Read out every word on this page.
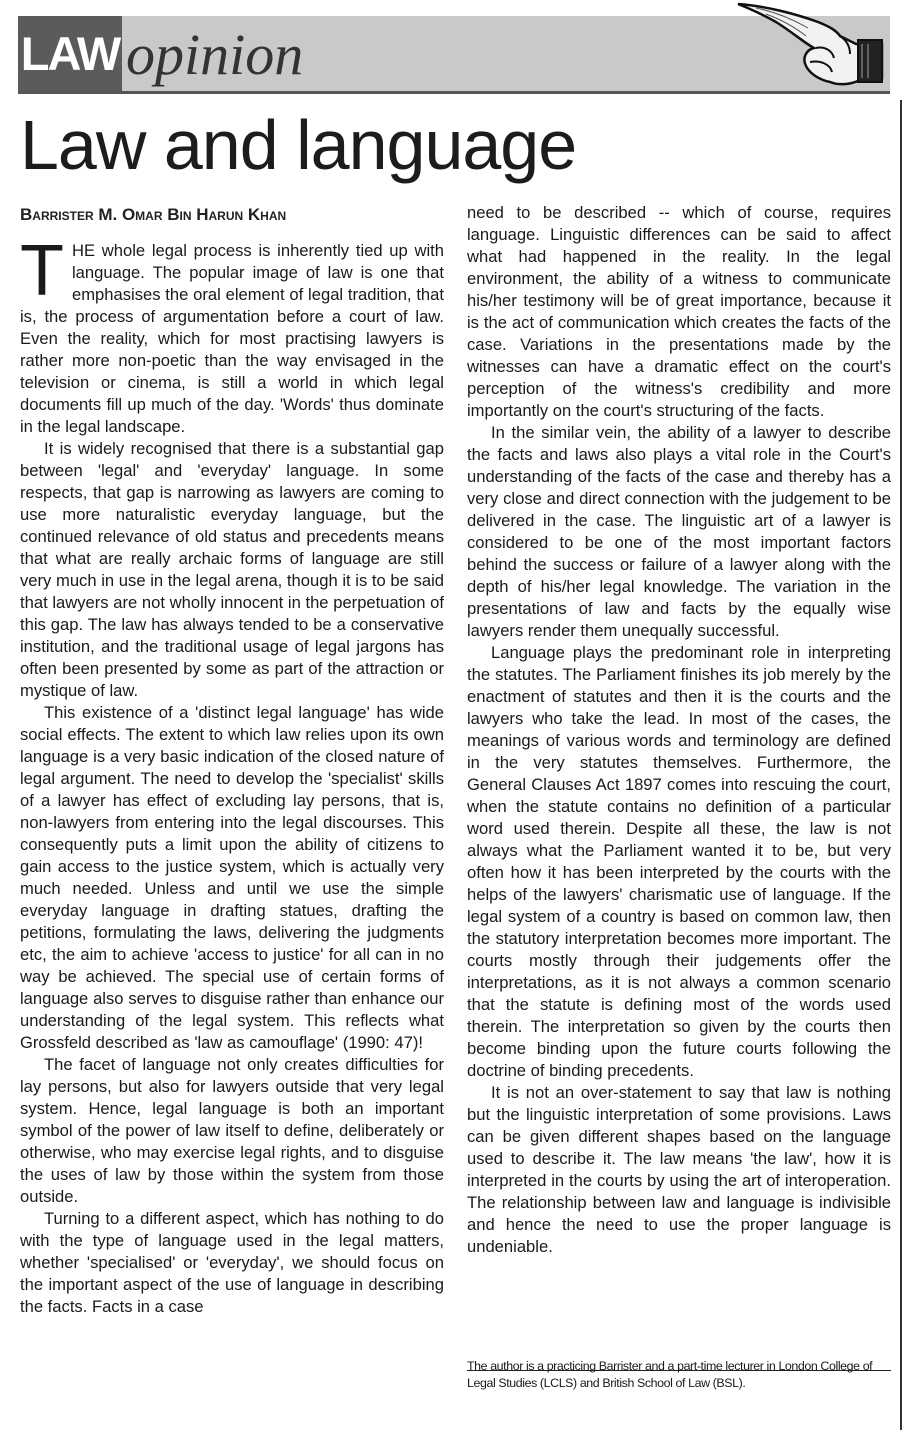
LAW opinion
Law and language
Barrister M. Omar Bin Harun Khan

THE whole legal process is inherently tied up with language. The popular image of law is one that emphasises the oral element of legal tradition, that is, the process of argumentation before a court of law. Even the reality, which for most practising lawyers is rather more non-poetic than the way envisaged in the television or cinema, is still a world in which legal documents fill up much of the day. 'Words' thus dominate in the legal landscape.

It is widely recognised that there is a substantial gap between 'legal' and 'everyday' language. In some respects, that gap is narrowing as lawyers are coming to use more naturalistic everyday language, but the continued relevance of old status and precedents means that what are really archaic forms of language are still very much in use in the legal arena, though it is to be said that lawyers are not wholly innocent in the perpetuation of this gap. The law has always tended to be a conservative institution, and the traditional usage of legal jargons has often been presented by some as part of the attraction or mystique of law.

This existence of a 'distinct legal language' has wide social effects. The extent to which law relies upon its own language is a very basic indication of the closed nature of legal argument. The need to develop the 'specialist' skills of a lawyer has effect of excluding lay persons, that is, non-lawyers from entering into the legal discourses. This consequently puts a limit upon the ability of citizens to gain access to the justice system, which is actually very much needed. Unless and until we use the simple everyday language in drafting statues, drafting the petitions, formulating the laws, delivering the judgments etc, the aim to achieve 'access to justice' for all can in no way be achieved. The special use of certain forms of language also serves to disguise rather than enhance our understanding of the legal system. This reflects what Grossfeld described as 'law as camouflage' (1990: 47)!

The facet of language not only creates difficulties for lay persons, but also for lawyers outside that very legal system. Hence, legal language is both an important symbol of the power of law itself to define, deliberately or otherwise, who may exercise legal rights, and to disguise the uses of law by those within the system from those outside.

Turning to a different aspect, which has nothing to do with the type of language used in the legal matters, whether 'specialised' or 'everyday', we should focus on the important aspect of the use of language in describing the facts. Facts in a case

need to be described -- which of course, requires language. Linguistic differences can be said to affect what had happened in the reality. In the legal environment, the ability of a witness to communicate his/her testimony will be of great importance, because it is the act of communication which creates the facts of the case. Variations in the presentations made by the witnesses can have a dramatic effect on the court's perception of the witness's credibility and more importantly on the court's structuring of the facts.

In the similar vein, the ability of a lawyer to describe the facts and laws also plays a vital role in the Court's understanding of the facts of the case and thereby has a very close and direct connection with the judgement to be delivered in the case. The linguistic art of a lawyer is considered to be one of the most important factors behind the success or failure of a lawyer along with the depth of his/her legal knowledge. The variation in the presentations of law and facts by the equally wise lawyers render them unequally successful.

Language plays the predominant role in interpreting the statutes. The Parliament finishes its job merely by the enactment of statutes and then it is the courts and the lawyers who take the lead. In most of the cases, the meanings of various words and terminology are defined in the very statutes themselves. Furthermore, the General Clauses Act 1897 comes into rescuing the court, when the statute contains no definition of a particular word used therein. Despite all these, the law is not always what the Parliament wanted it to be, but very often how it has been interpreted by the courts with the helps of the lawyers' charismatic use of language. If the legal system of a country is based on common law, then the statutory interpretation becomes more important. The courts mostly through their judgements offer the interpretations, as it is not always a common scenario that the statute is defining most of the words used therein. The interpretation so given by the courts then become binding upon the future courts following the doctrine of binding precedents.

It is not an over-statement to say that law is nothing but the linguistic interpretation of some provisions. Laws can be given different shapes based on the language used to describe it. The law means 'the law', how it is interpreted in the courts by using the art of interoperation. The relationship between law and language is indivisible and hence the need to use the proper language is undeniable.

The author is a practicing Barrister and a part-time lecturer in London College of Legal Studies (LCLS) and British School of Law (BSL).
